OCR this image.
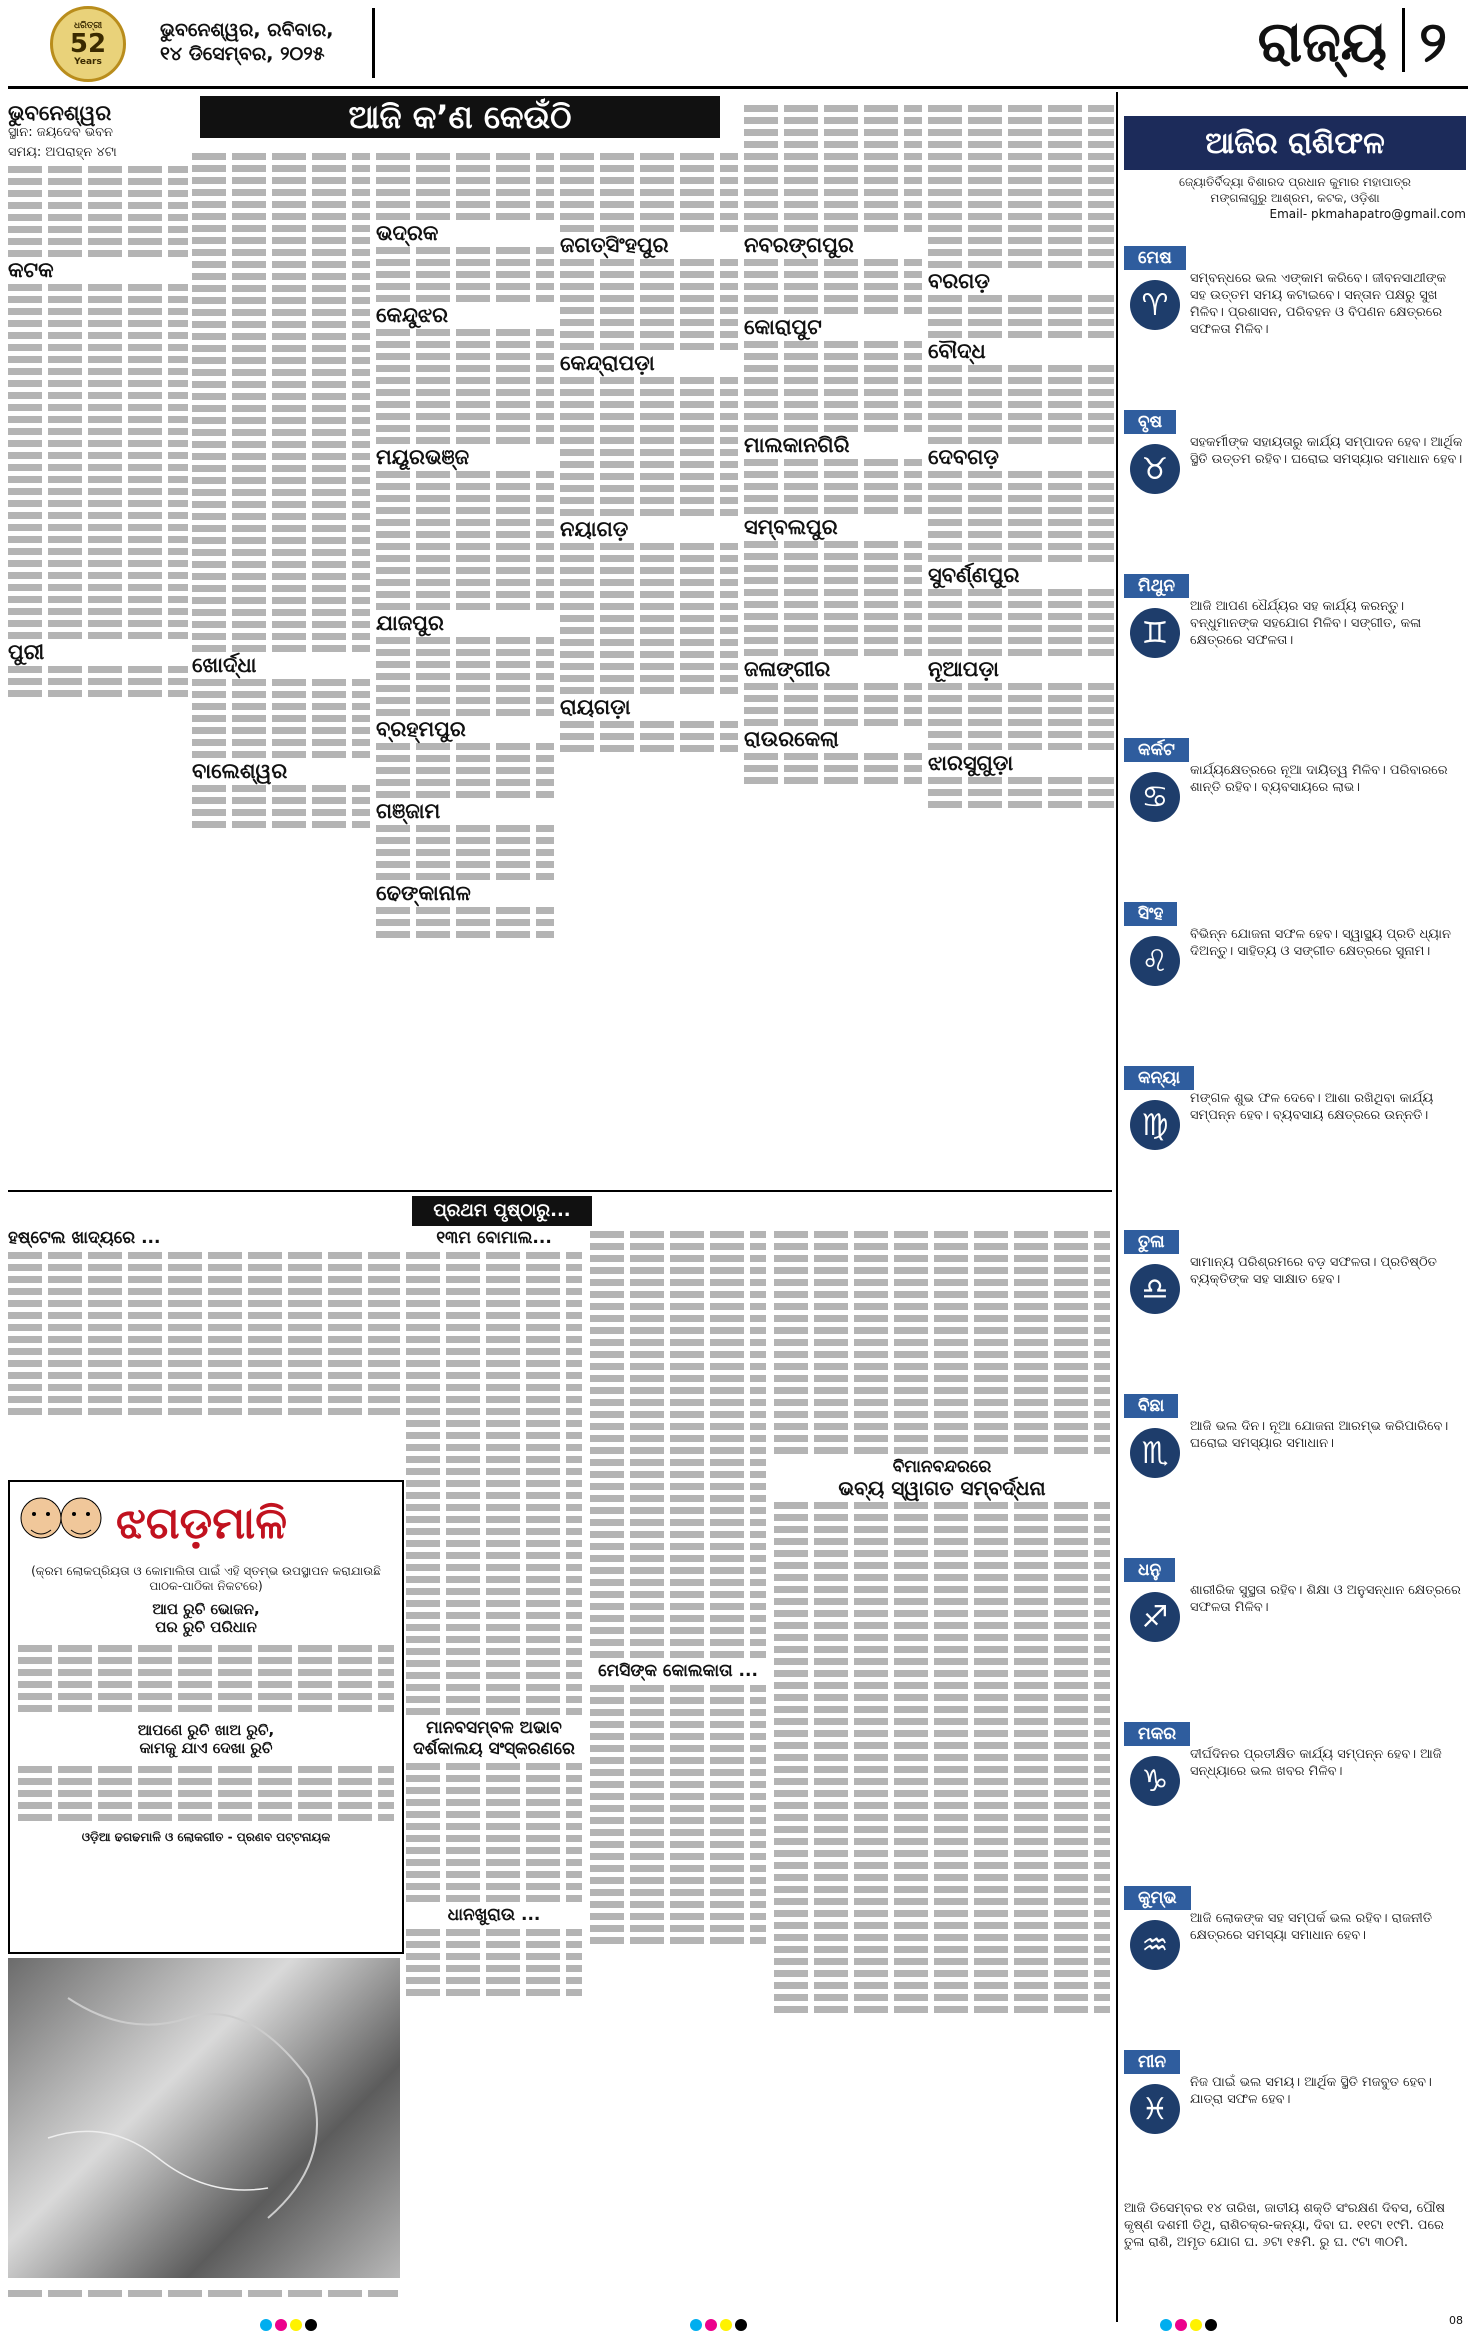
ଧରିତ୍ରୀ
52
Years
ଭୁବନେଶ୍ୱର, ରବିବାର,
୧୪ ଡିସେମ୍ବର, ୨୦୨୫	ରାଜ୍ୟ ୨
ଆଜି କ’ଣ କେଉଁଠି
ଭୁବନେଶ୍ୱର

ସ୍ଥାନ: ଜୟଦେବ ଭବନ

ସମୟ: ଅପରାହ୍ନ ୪ଟା

କଟକ
ପୁରୀ
ଖୋର୍ଦ୍ଧା
ବାଲେଶ୍ୱର
ଭଦ୍ରକ
କେନ୍ଦୁଝର
ମୟୂରଭଞ୍ଜ
ଯାଜପୁର
ବ୍ରହ୍ମପୁର
ଗଞ୍ଜାମ
ଢେଙ୍କାନାଳ
ଜଗତ୍‌ସିଂହପୁର
କେନ୍ଦ୍ରାପଡ଼ା
ନୟାଗଡ଼
ରାୟଗଡ଼ା
ନବରଙ୍ଗପୁର
କୋରାପୁଟ
ମାଲକାନଗିରି
ସମ୍ବଲପୁର
ଜଳାଙ୍ଗୀର
ରାଉରକେଲା
ବରଗଡ଼
ବୌଦ୍ଧ
ଦେବଗଡ଼
ସୁବର୍ଣ୍ଣପୁର
ନୂଆପଡ଼ା
ଝାରସୁଗୁଡ଼ା
ପ୍ରଥମ ପୃଷ୍ଠାରୁ...
ହଷ୍ଟେଲ ଖାଦ୍ୟରେ ...
ଝଗଡ଼ମାଳି
(କ୍ରମ ଲୋକପ୍ରିୟତା ଓ କୋମାଲିତା ପାଇଁ ଏହି ସ୍ତମ୍ଭ ଉପସ୍ଥାପନ କରାଯାଉଛି ପାଠକ-ପାଠିକା ନିକଟରେ)
ଆପ ରୁଚି ଭୋଜନ,
ପର ରୁଚି ପରିଧାନ
ଆପଣେ ରୁଚି ଖାଅ ରୁଚି,
କାମକୁ ଯାଏ ଦେଖା ରୁଚି
ଓଡ଼ିଆ ଢଗଢମାଳି ଓ ଲୋକଗୀତ - ପ୍ରଣବ ପଟ୍ଟନାୟକ
୧୩ମ ବୋମାଲ...
ମାନବସମ୍ବଳ ଅଭାବ
ଦର୍ଶକାଲୟ ସଂସ୍କରଣରେ
ଧାନଖୁରାଉ ...
ମେସିଙ୍କ କୋଲକାତା ...
ବିମାନବନ୍ଦରରେ
ଭବ୍ୟ ସ୍ୱାଗତ ସମ୍ବର୍ଦ୍ଧନା
ଆଜିର ରାଶିଫଳ
ଜ୍ୟୋତିର୍ବିଦ୍ୟା ବିଶାରଦ ପ୍ରଧାନ କୁମାର ମହାପାତ୍ର
ମଙ୍ଗଳାଗୁରୁ ଆଶ୍ରମ, କଟକ, ଓଡ଼ିଶା
Email- pkmahapatro@gmail.com
ମେଷ
♈
ସମ୍ବନ୍ଧରେ ଭଲ ଏଙ୍କାମ କରିବେ। ଜୀବନସାଥୀଙ୍କ ସହ ଉତ୍ତମ ସମୟ କଟାଇବେ। ସନ୍ତାନ ପକ୍ଷରୁ ସୁଖ ମିଳିବ। ପ୍ରଶାସନ, ପରିବହନ ଓ ବିପଣନ କ୍ଷେତ୍ରରେ ସଫଳତା ମିଳିବ।
ବୃଷ
♉
ସହକର୍ମୀଙ୍କ ସହାୟତାରୁ କାର୍ଯ୍ୟ ସମ୍ପାଦନ ହେବ। ଆର୍ଥିକ ସ୍ଥିତି ଉତ୍ତମ ରହିବ। ଘରୋଇ ସମସ୍ୟାର ସମାଧାନ ହେବ।
ମିଥୁନ
♊
ଆଜି ଆପଣ ଧୈର୍ଯ୍ୟର ସହ କାର୍ଯ୍ୟ କରନ୍ତୁ। ବନ୍ଧୁମାନଙ୍କ ସହଯୋଗ ମିଳିବ। ସଙ୍ଗୀତ, କଳା କ୍ଷେତ୍ରରେ ସଫଳତା।
କର୍କଟ
♋
କାର୍ଯ୍ୟକ୍ଷେତ୍ରରେ ନୂଆ ଦାୟିତ୍ୱ ମିଳିବ। ପରିବାରରେ ଶାନ୍ତି ରହିବ। ବ୍ୟବସାୟରେ ଲାଭ।
ସିଂହ
♌
ବିଭିନ୍ନ ଯୋଜନା ସଫଳ ହେବ। ସ୍ୱାସ୍ଥ୍ୟ ପ୍ରତି ଧ୍ୟାନ ଦିଅନ୍ତୁ। ସାହିତ୍ୟ ଓ ସଙ୍ଗୀତ କ୍ଷେତ୍ରରେ ସୁନାମ।
କନ୍ୟା
♍
ମଙ୍ଗଳ ଶୁଭ ଫଳ ଦେବେ। ଆଶା ରଖିଥିବା କାର୍ଯ୍ୟ ସମ୍ପନ୍ନ ହେବ। ବ୍ୟବସାୟ କ୍ଷେତ୍ରରେ ଉନ୍ନତି।
ତୁଳା
♎
ସାମାନ୍ୟ ପରିଶ୍ରମରେ ବଡ଼ ସଫଳତା। ପ୍ରତିଷ୍ଠିତ ବ୍ୟକ୍ତିଙ୍କ ସହ ସାକ୍ଷାତ ହେବ।
ବିଛା
♏
ଆଜି ଭଲ ଦିନ। ନୂଆ ଯୋଜନା ଆରମ୍ଭ କରିପାରିବେ। ଘରୋଇ ସମସ୍ୟାର ସମାଧାନ।
ଧନୁ
♐
ଶାରୀରିକ ସୁସ୍ଥତା ରହିବ। ଶିକ୍ଷା ଓ ଅନୁସନ୍ଧାନ କ୍ଷେତ୍ରରେ ସଫଳତା ମିଳିବ।
ମକର
♑
ଦୀର୍ଘଦିନର ପ୍ରତୀକ୍ଷିତ କାର୍ଯ୍ୟ ସମ୍ପନ୍ନ ହେବ। ଆଜି ସନ୍ଧ୍ୟାରେ ଭଲ ଖବର ମିଳିବ।
କୁମ୍ଭ
♒
ଆଜି ଲୋକଙ୍କ ସହ ସମ୍ପର୍କ ଭଲ ରହିବ। ରାଜନୀତି କ୍ଷେତ୍ରରେ ସମସ୍ୟା ସମାଧାନ ହେବ।
ମୀନ
♓
ନିଜ ପାଇଁ ଭଲ ସମୟ। ଆର୍ଥିକ ସ୍ଥିତି ମଜବୁତ ହେବ। ଯାତ୍ରା ସଫଳ ହେବ।
ଆଜି ଡିସେମ୍ବର ୧୪ ତାରିଖ, ଜାତୀୟ ଶକ୍ତି ସଂରକ୍ଷଣ ଦିବସ, ପୌଷ କୃଷ୍ଣ ଦଶମୀ ତିଥି, ରାଶିଚକ୍ର-କନ୍ୟା, ଦିବା ଘ. ୧୧ଟା ୧୯ମି. ପରେ ତୁଳା ରାଶି, ଅମୃତ ଯୋଗ ଘ. ୬ଟା ୧୫ମି. ରୁ ଘ. ୯ଟା ୩୦ମି.
08
